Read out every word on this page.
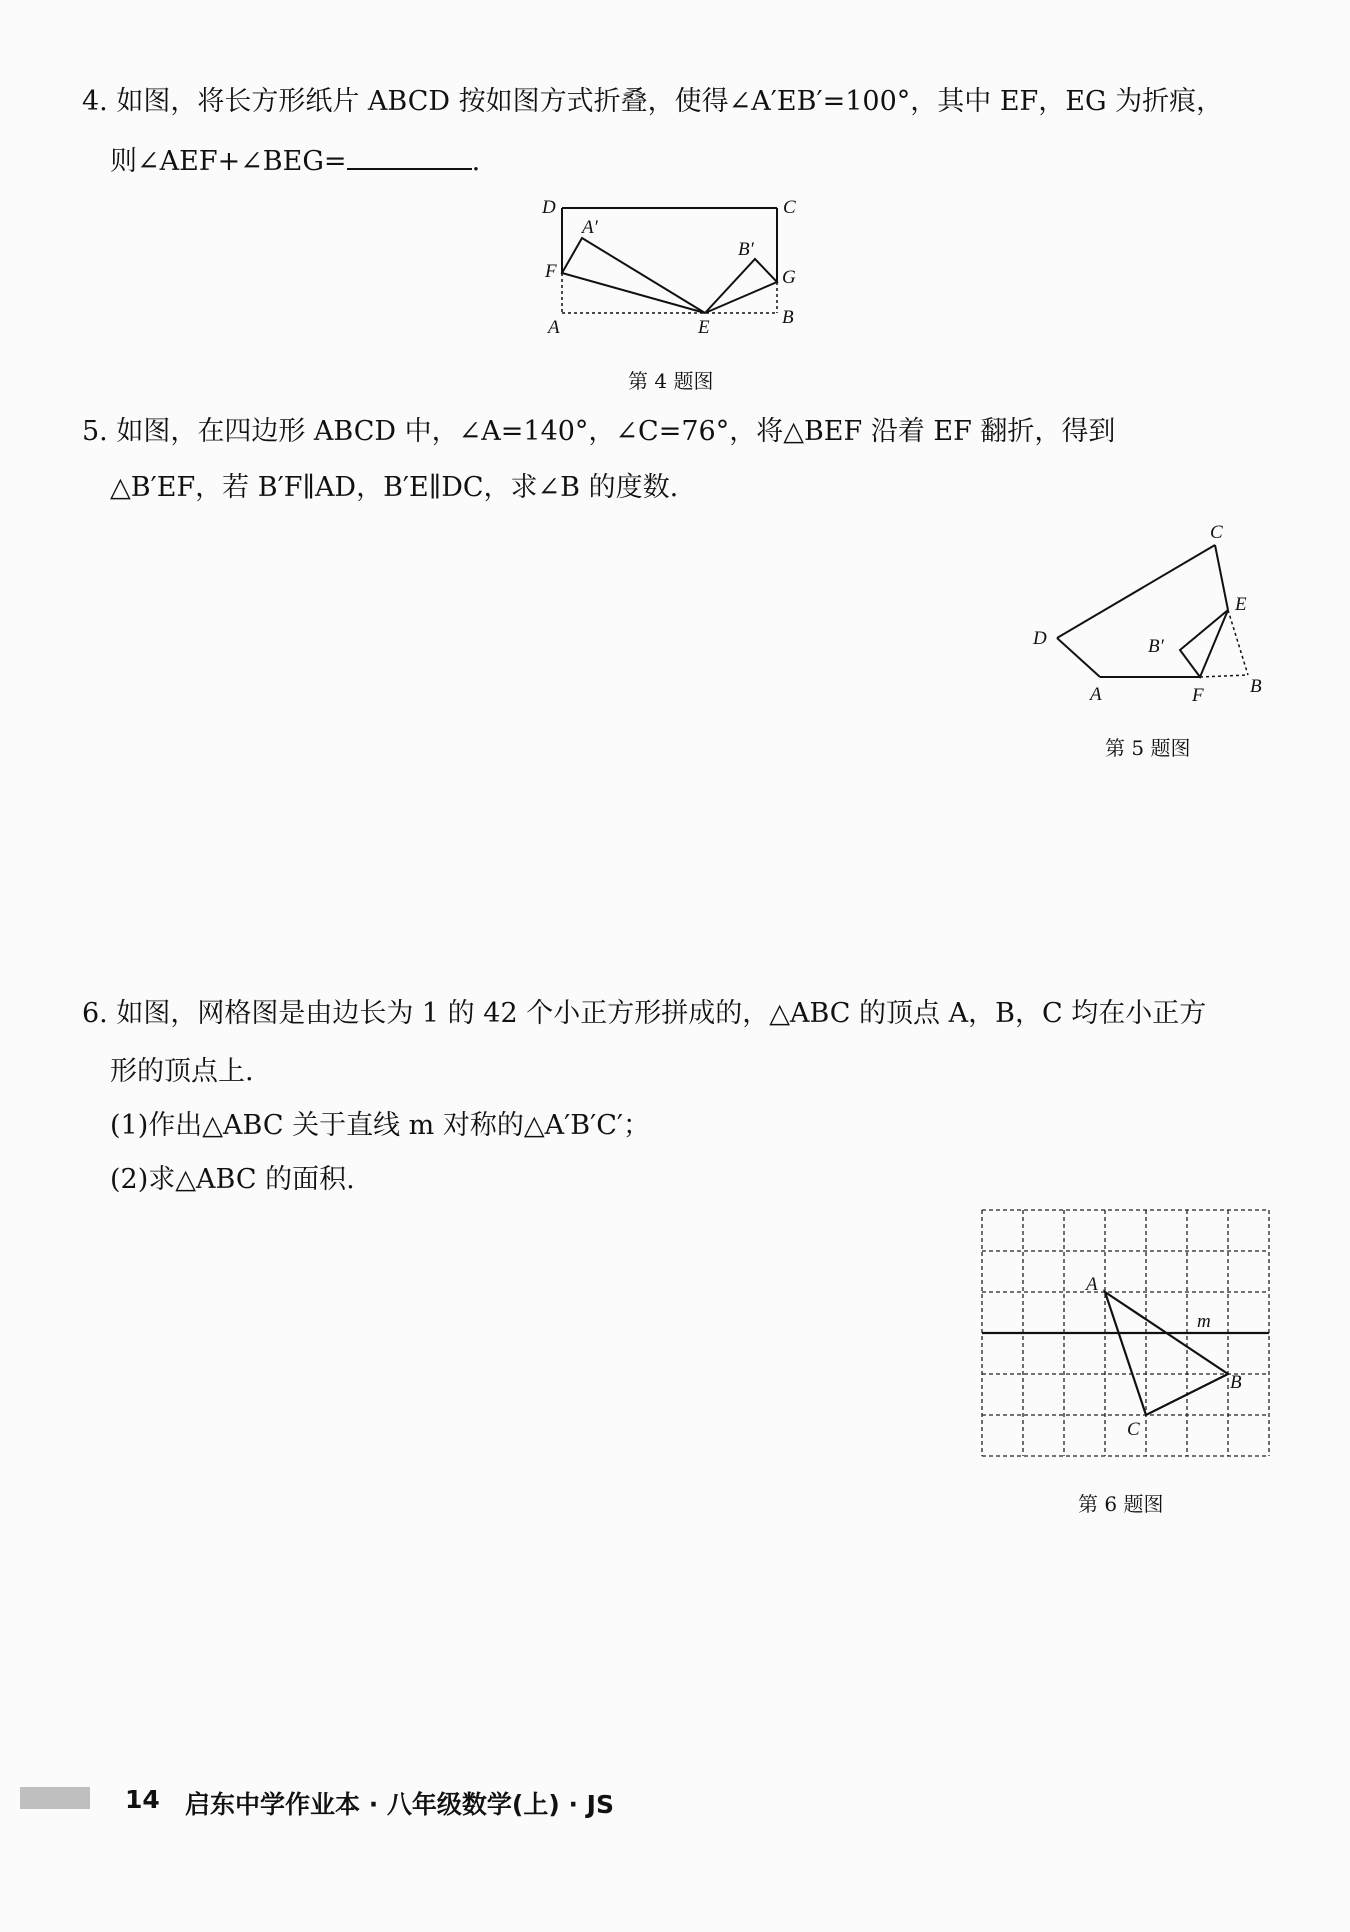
4. 如图，将长方形纸片 ABCD 按如图方式折叠，使得∠A′EB′=100°，其中 EF，EG 为折痕，
则∠AEF+∠BEG=	.
D	C
A′
B′
F	G
A	E	B
第 4 题图
5. 如图，在四边形 ABCD 中，∠A=140°，∠C=76°，将△BEF 沿着 EF 翻折，得到
△B′EF，若 B′F∥AD，B′E∥DC，求∠B 的度数.
C
E
D	B′
A	F B
第 5 题图
6. 如图，网格图是由边长为 1 的 42 个小正方形拼成的，△ABC 的顶点 A，B，C 均在小正方
形的顶点上.
(1)作出△ABC 关于直线 m 对称的△A′B′C′；
(2)求△ABC 的面积.
A
m
B
C
第 6 题图
14 启东中学作业本 · 八年级数学(上) · JS
